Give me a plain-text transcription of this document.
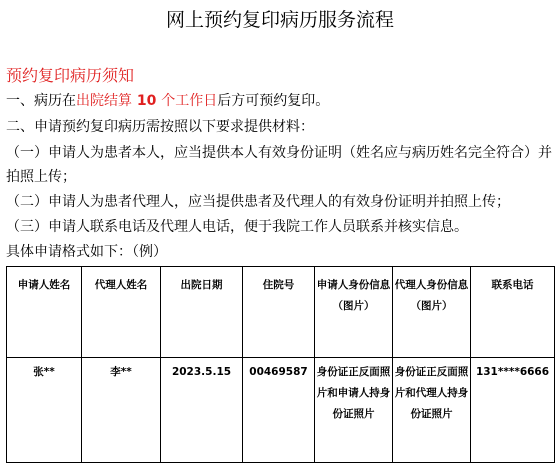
网上预约复印病历服务流程
预约复印病历须知
一、病历在出院结算 10 个工作日后方可预约复印。
二、申请预约复印病历需按照以下要求提供材料：
（一）申请人为患者本人，应当提供本人有效身份证明（姓名应与病历姓名完全符合）并
拍照上传；
（二）申请人为患者代理人，应当提供患者及代理人的有效身份证明并拍照上传；
（三）申请人联系电话及代理人电话，便于我院工作人员联系并核实信息。
具体申请格式如下：（例）
申请人姓名	代理人姓名	出院日期	住院号	申请人身份信息（图片）	代理人身份信息（图片）	联系电话
张**	李**	2023.5.15	00469587	身份证正反面照片和申请人持身份证照片	身份证正反面照片和代理人持身份证照片	131****6666
